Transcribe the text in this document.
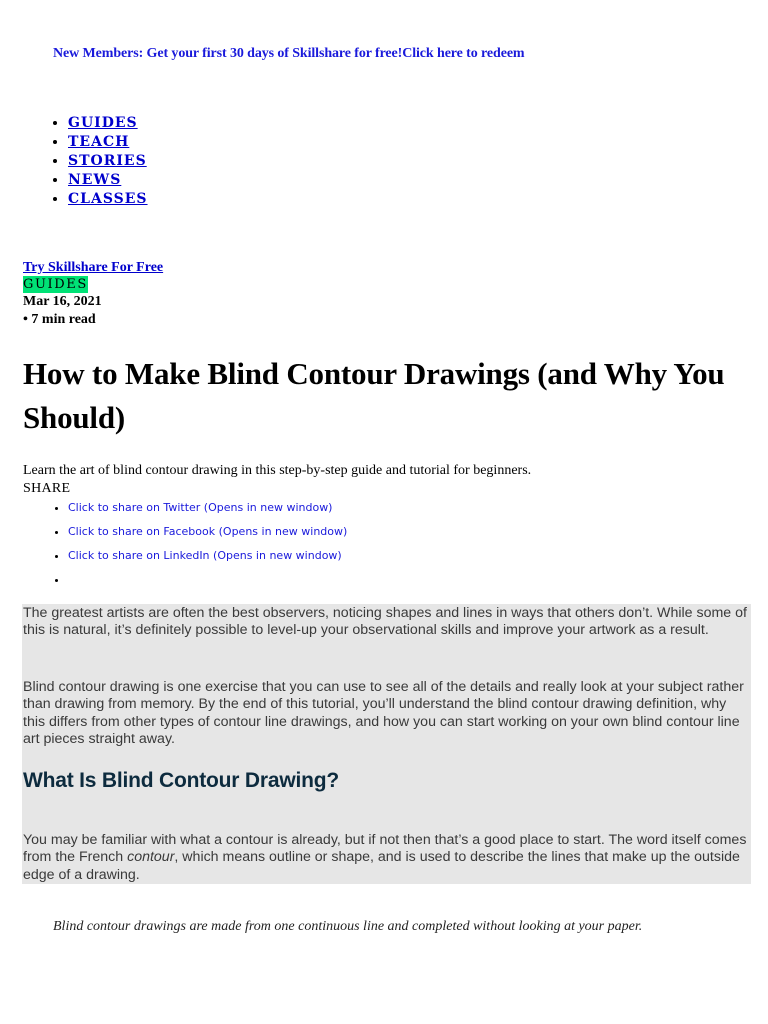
New Members: Get your first 30 days of Skillshare for free!Click here to redeem
• GUIDES
• TEACH
• STORIES
• NEWS
• CLASSES
Try Skillshare For Free
GUIDES
Mar 16, 2021
• 7 min read
How to Make Blind Contour Drawings (and Why You Should)
Learn the art of blind contour drawing in this step-by-step guide and tutorial for beginners.
SHARE
• Click to share on Twitter (Opens in new window)
• Click to share on Facebook (Opens in new window)
• Click to share on LinkedIn (Opens in new window)
•

The greatest artists are often the best observers, noticing shapes and lines in ways that others don’t. While some of this is natural, it’s definitely possible to level-up your observational skills and improve your artwork as a result.

Blind contour drawing is one exercise that you can use to see all of the details and really look at your subject rather than drawing from memory. By the end of this tutorial, you’ll understand the blind contour drawing definition, why this differs from other types of contour line drawings, and how you can start working on your own blind contour line art pieces straight away.

What Is Blind Contour Drawing?

You may be familiar with what a contour is already, but if not then that’s a good place to start. The word itself comes from the French contour, which means outline or shape, and is used to describe the lines that make up the outside edge of a drawing.

Blind contour drawings are made from one continuous line and completed without looking at your paper.
